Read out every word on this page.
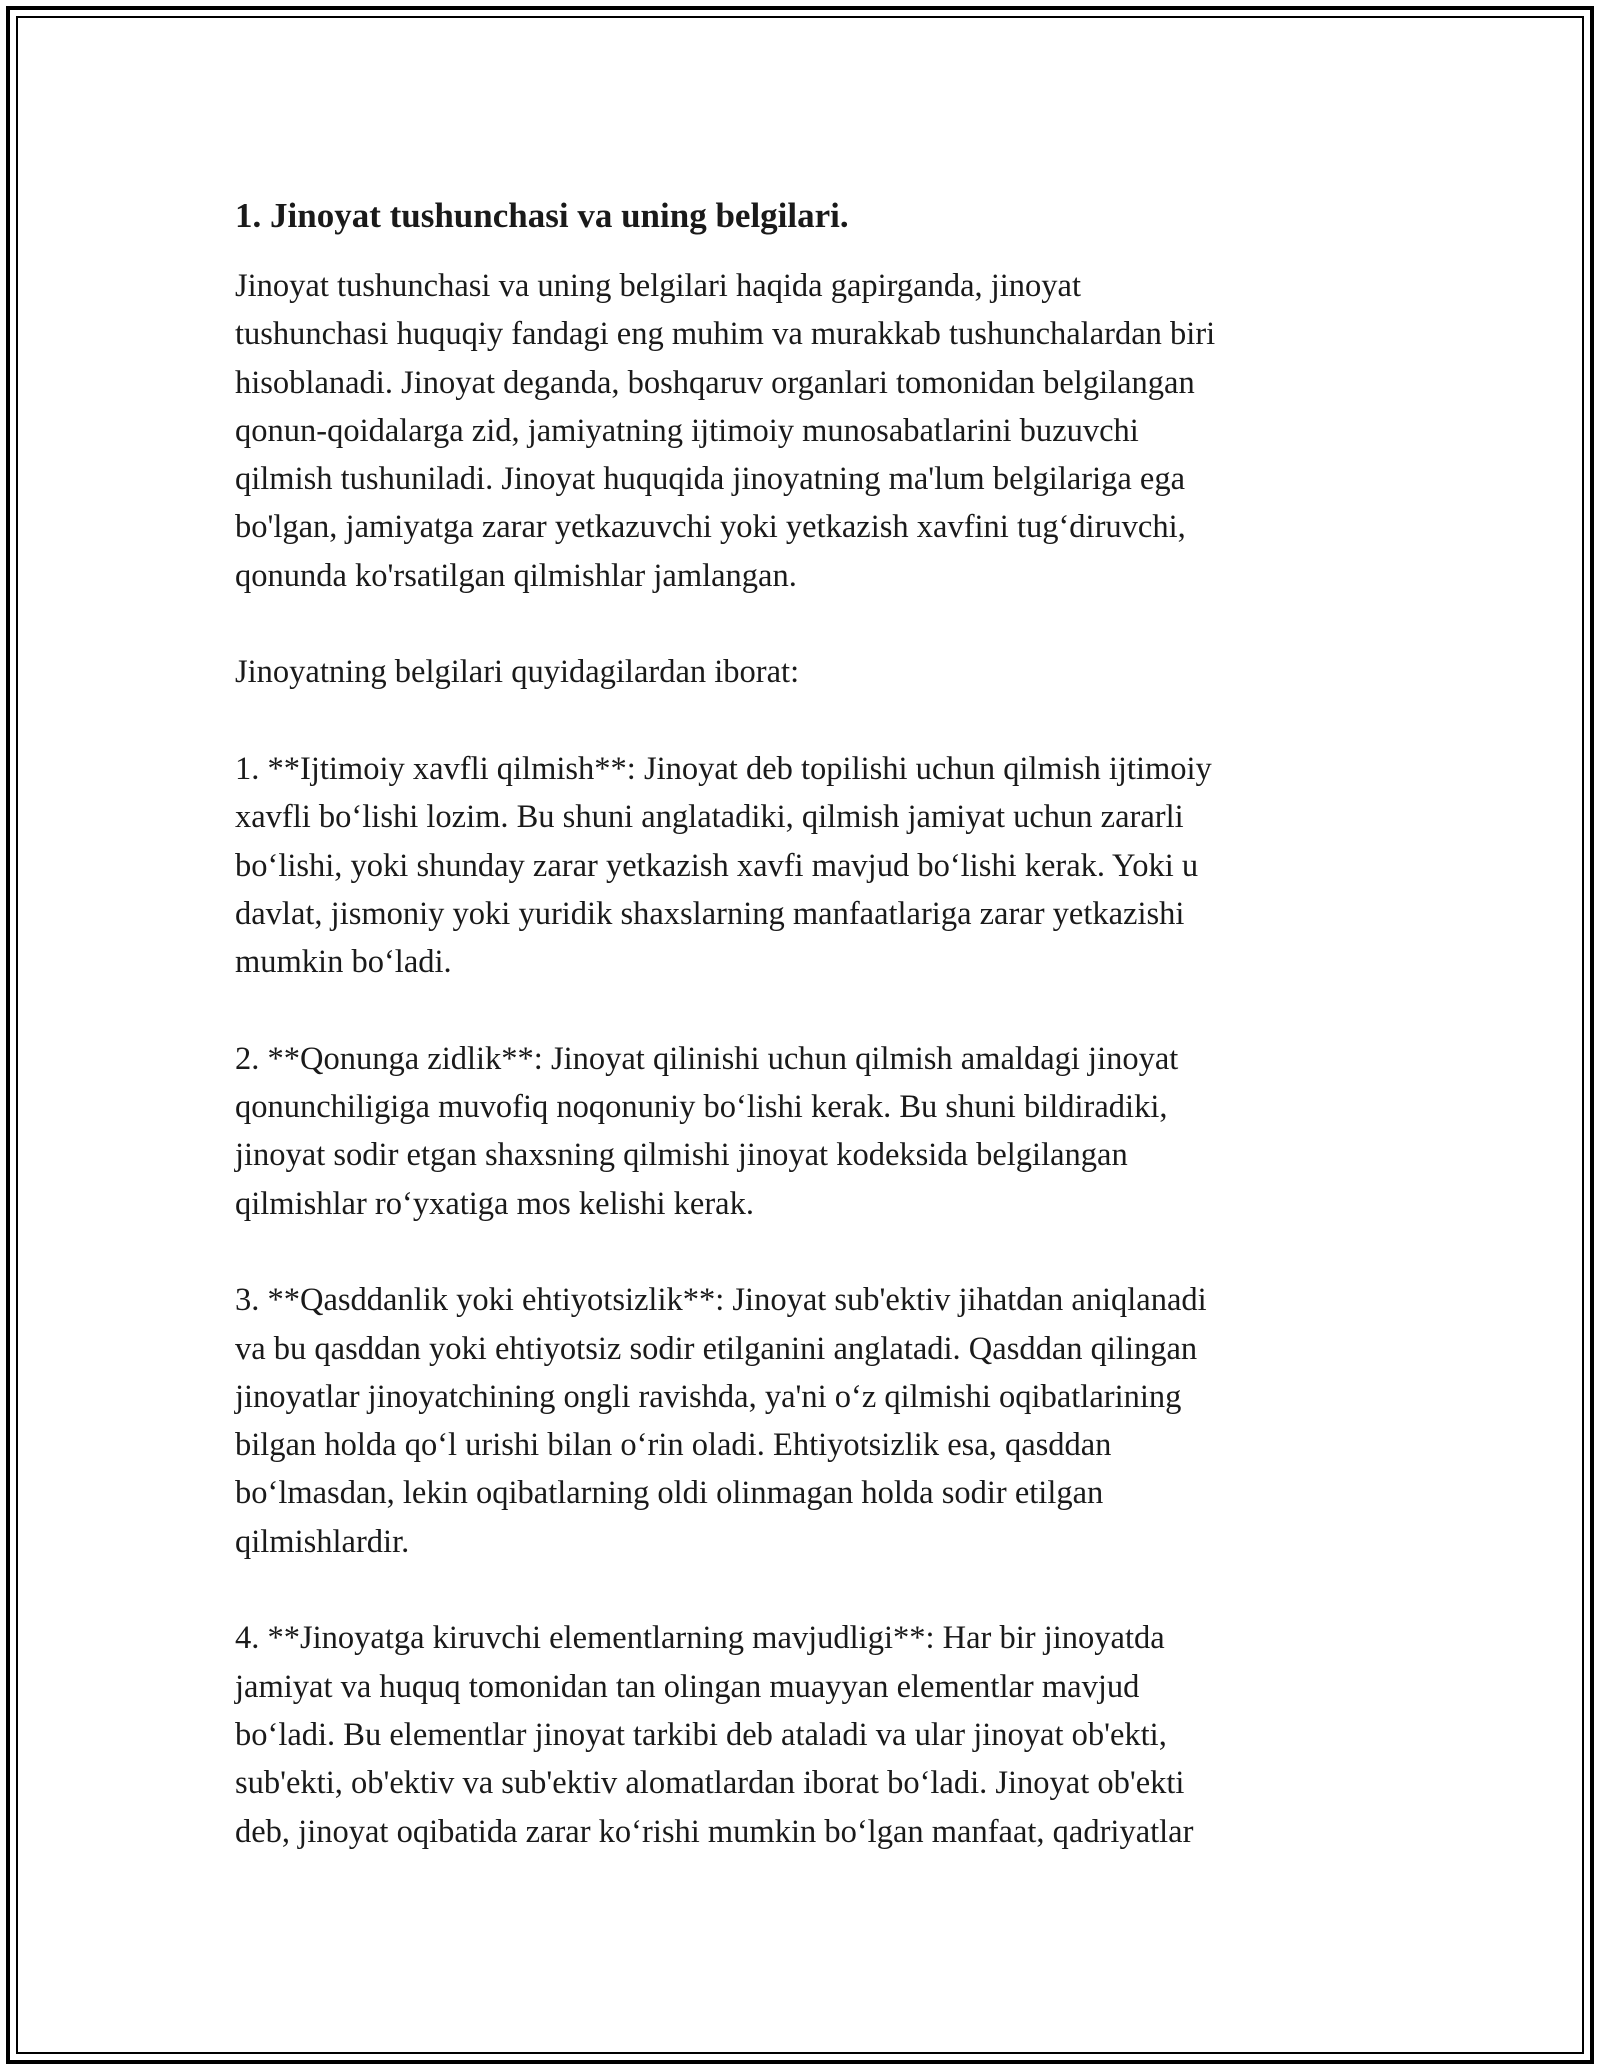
1. Jinoyat tushunchasi va uning belgilari.
Jinoyat tushunchasi va uning belgilari haqida gapirganda, jinoyat
tushunchasi huquqiy fandagi eng muhim va murakkab tushunchalardan biri
hisoblanadi. Jinoyat deganda, boshqaruv organlari tomonidan belgilangan
qonun-qoidalarga zid, jamiyatning ijtimoiy munosabatlarini buzuvchi
qilmish tushuniladi. Jinoyat huquqida jinoyatning ma'lum belgilariga ega
bo'lgan, jamiyatga zarar yetkazuvchi yoki yetkazish xavfini tug‘diruvchi,
qonunda ko'rsatilgan qilmishlar jamlangan.
Jinoyatning belgilari quyidagilardan iborat:
1. **Ijtimoiy xavfli qilmish**: Jinoyat deb topilishi uchun qilmish ijtimoiy
xavfli bo‘lishi lozim. Bu shuni anglatadiki, qilmish jamiyat uchun zararli
bo‘lishi, yoki shunday zarar yetkazish xavfi mavjud bo‘lishi kerak. Yoki u
davlat, jismoniy yoki yuridik shaxslarning manfaatlariga zarar yetkazishi
mumkin bo‘ladi.
2. **Qonunga zidlik**: Jinoyat qilinishi uchun qilmish amaldagi jinoyat
qonunchiligiga muvofiq noqonuniy bo‘lishi kerak. Bu shuni bildiradiki,
jinoyat sodir etgan shaxsning qilmishi jinoyat kodeksida belgilangan
qilmishlar ro‘yxatiga mos kelishi kerak.
3. **Qasddanlik yoki ehtiyotsizlik**: Jinoyat sub'ektiv jihatdan aniqlanadi
va bu qasddan yoki ehtiyotsiz sodir etilganini anglatadi. Qasddan qilingan
jinoyatlar jinoyatchining ongli ravishda, ya'ni o‘z qilmishi oqibatlarining
bilgan holda qo‘l urishi bilan o‘rin oladi. Ehtiyotsizlik esa, qasddan
bo‘lmasdan, lekin oqibatlarning oldi olinmagan holda sodir etilgan
qilmishlardir.
4. **Jinoyatga kiruvchi elementlarning mavjudligi**: Har bir jinoyatda
jamiyat va huquq tomonidan tan olingan muayyan elementlar mavjud
bo‘ladi. Bu elementlar jinoyat tarkibi deb ataladi va ular jinoyat ob'ekti,
sub'ekti, ob'ektiv va sub'ektiv alomatlardan iborat bo‘ladi. Jinoyat ob'ekti
deb, jinoyat oqibatida zarar ko‘rishi mumkin bo‘lgan manfaat, qadriyatlar
